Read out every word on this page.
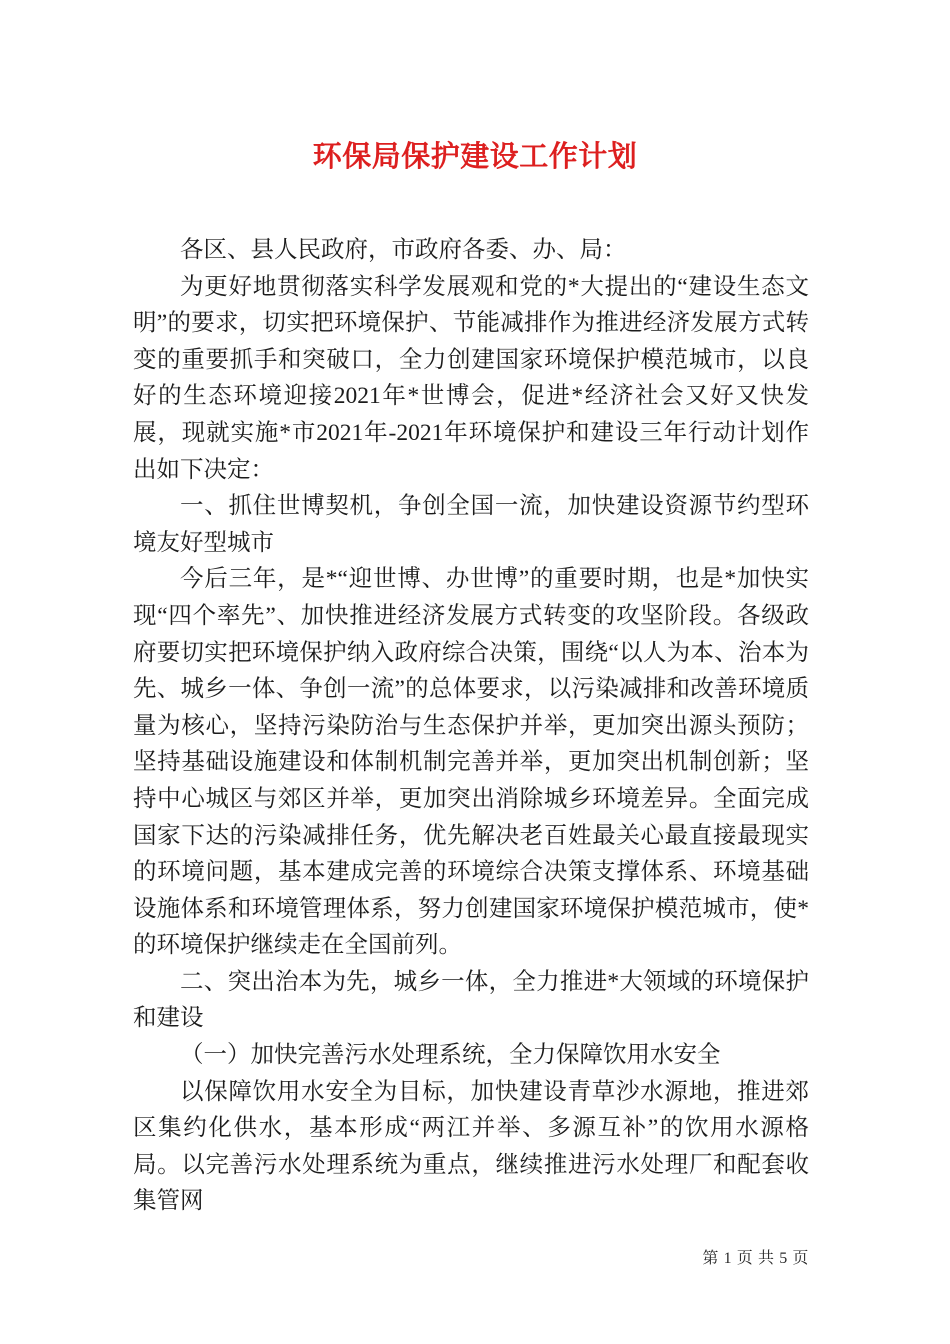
环保局保护建设工作计划

各区、县人民政府，市政府各委、办、局：

为更好地贯彻落实科学发展观和党的*大提出的“建设生态文明”的要求，切实把环境保护、节能减排作为推进经济发展方式转变的重要抓手和突破口，全力创建国家环境保护模范城市，以良好的生态环境迎接2021年*世博会，促进*经济社会又好又快发展，现就实施*市2021年-2021年环境保护和建设三年行动计划作出如下决定：

一、抓住世博契机，争创全国一流，加快建设资源节约型环境友好型城市

今后三年，是*“迎世博、办世博”的重要时期，也是*加快实现“四个率先”、加快推进经济发展方式转变的攻坚阶段。各级政府要切实把环境保护纳入政府综合决策，围绕“以人为本、治本为先、城乡一体、争创一流”的总体要求，以污染减排和改善环境质量为核心，坚持污染防治与生态保护并举，更加突出源头预防；坚持基础设施建设和体制机制完善并举，更加突出机制创新；坚持中心城区与郊区并举，更加突出消除城乡环境差异。全面完成国家下达的污染减排任务，优先解决老百姓最关心最直接最现实的环境问题，基本建成完善的环境综合决策支撑体系、环境基础设施体系和环境管理体系，努力创建国家环境保护模范城市，使*的环境保护继续走在全国前列。

二、突出治本为先，城乡一体，全力推进*大领域的环境保护和建设

（一）加快完善污水处理系统，全力保障饮用水安全

以保障饮用水安全为目标，加快建设青草沙水源地，推进郊区集约化供水，基本形成“两江并举、多源互补”的饮用水源格局。以完善污水处理系统为重点，继续推进污水处理厂和配套收集管网

第 1 页 共 5 页
